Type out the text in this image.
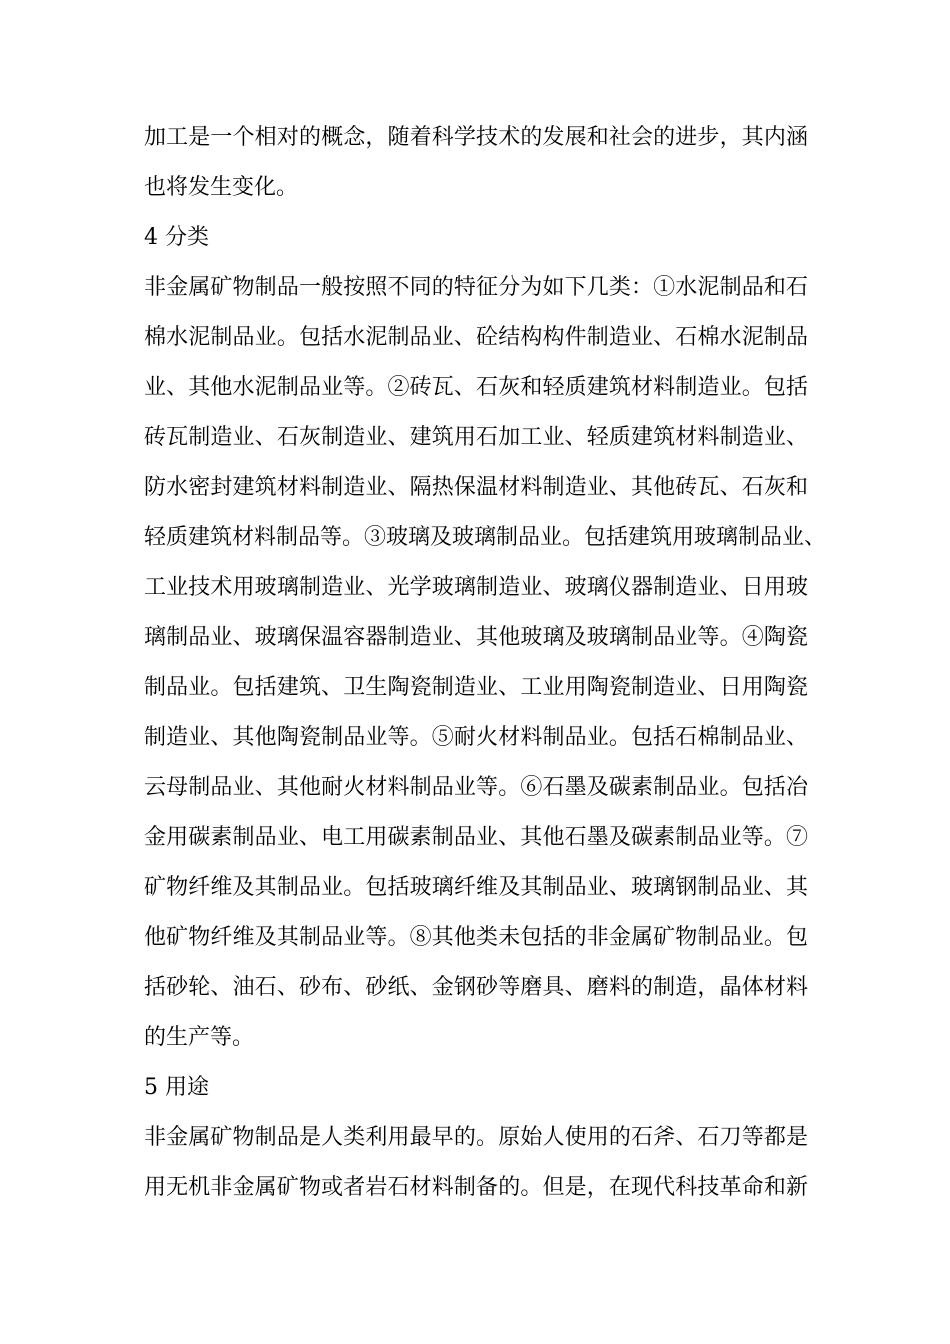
加工是一个相对的概念，随着科学技术的发展和社会的进步，其内涵
也将发生变化。
4 分类
非金属矿物制品一般按照不同的特征分为如下几类：①水泥制品和石
棉水泥制品业。包括水泥制品业、砼结构构件制造业、石棉水泥制品
业、其他水泥制品业等。②砖瓦、石灰和轻质建筑材料制造业。包括
砖瓦制造业、石灰制造业、建筑用石加工业、轻质建筑材料制造业、
防水密封建筑材料制造业、隔热保温材料制造业、其他砖瓦、石灰和
轻质建筑材料制品等。③玻璃及玻璃制品业。包括建筑用玻璃制品业、
工业技术用玻璃制造业、光学玻璃制造业、玻璃仪器制造业、日用玻
璃制品业、玻璃保温容器制造业、其他玻璃及玻璃制品业等。④陶瓷
制品业。包括建筑、卫生陶瓷制造业、工业用陶瓷制造业、日用陶瓷
制造业、其他陶瓷制品业等。⑤耐火材料制品业。包括石棉制品业、
云母制品业、其他耐火材料制品业等。⑥石墨及碳素制品业。包括冶
金用碳素制品业、电工用碳素制品业、其他石墨及碳素制品业等。⑦
矿物纤维及其制品业。包括玻璃纤维及其制品业、玻璃钢制品业、其
他矿物纤维及其制品业等。⑧其他类未包括的非金属矿物制品业。包
括砂轮、油石、砂布、砂纸、金钢砂等磨具、磨料的制造，晶体材料
的生产等。
5 用途
非金属矿物制品是人类利用最早的。原始人使用的石斧、石刀等都是
用无机非金属矿物或者岩石材料制备的。但是，在现代科技革命和新
